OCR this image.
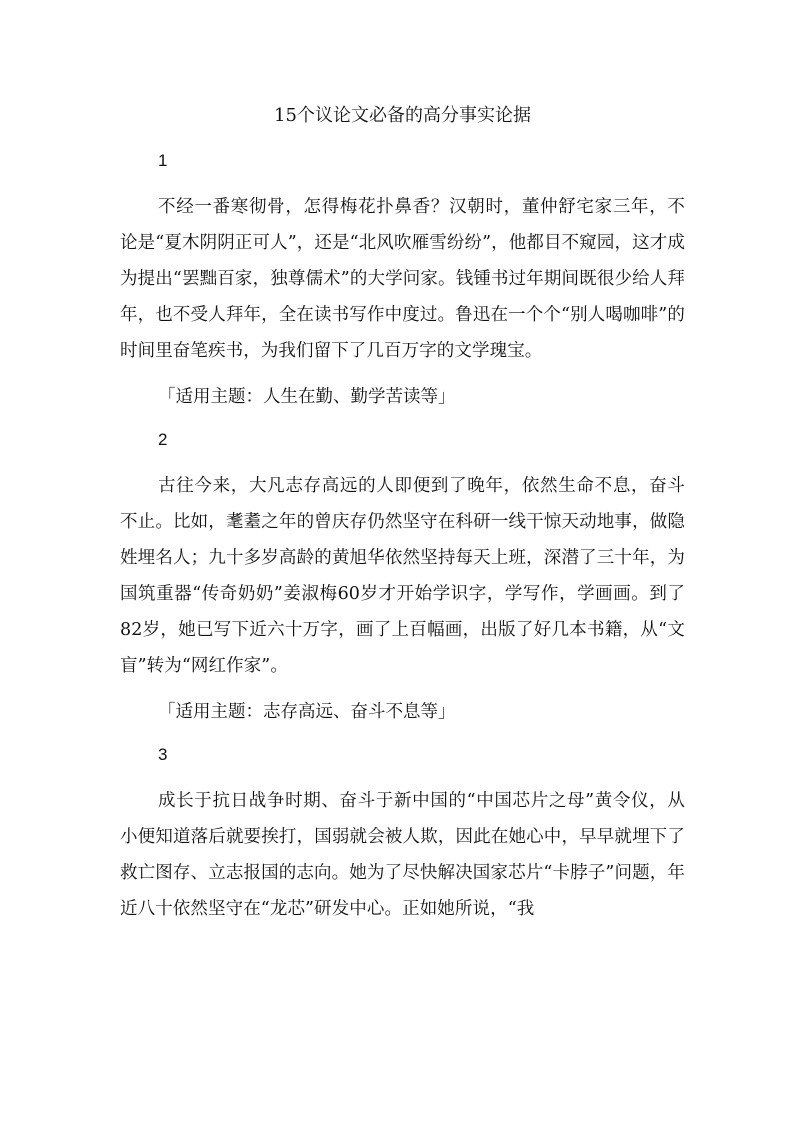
15个议论文必备的高分事实论据
1

不经一番寒彻骨，怎得梅花扑鼻香？汉朝时，董仲舒宅家三年，不论是“夏木阴阴正可人”，还是“北风吹雁雪纷纷”，他都目不窥园，这才成为提出“罢黜百家，独尊儒术”的大学问家。钱锺书过年期间既很少给人拜年，也不受人拜年，全在读书写作中度过。鲁迅在一个个“别人喝咖啡”的时间里奋笔疾书，为我们留下了几百万字的文学瑰宝。

「适用主题：人生在勤、勤学苦读等」

2

古往今来，大凡志存高远的人即便到了晚年，依然生命不息，奋斗不止。比如，耄耋之年的曾庆存仍然坚守在科研一线干惊天动地事，做隐姓埋名人；九十多岁高龄的黄旭华依然坚持每天上班，深潜了三十年，为国筑重器“传奇奶奶”姜淑梅60岁才开始学识字，学写作，学画画。到了82岁，她已写下近六十万字，画了上百幅画，出版了好几本书籍，从“文盲”转为“网红作家”。

「适用主题：志存高远、奋斗不息等」

3

成长于抗日战争时期、奋斗于新中国的“中国芯片之母”黄令仪，从小便知道落后就要挨打，国弱就会被人欺，因此在她心中，早早就埋下了救亡图存、立志报国的志向。她为了尽快解决国家芯片“卡脖子”问题，年近八十依然坚守在“龙芯”研发中心。正如她所说，“我
